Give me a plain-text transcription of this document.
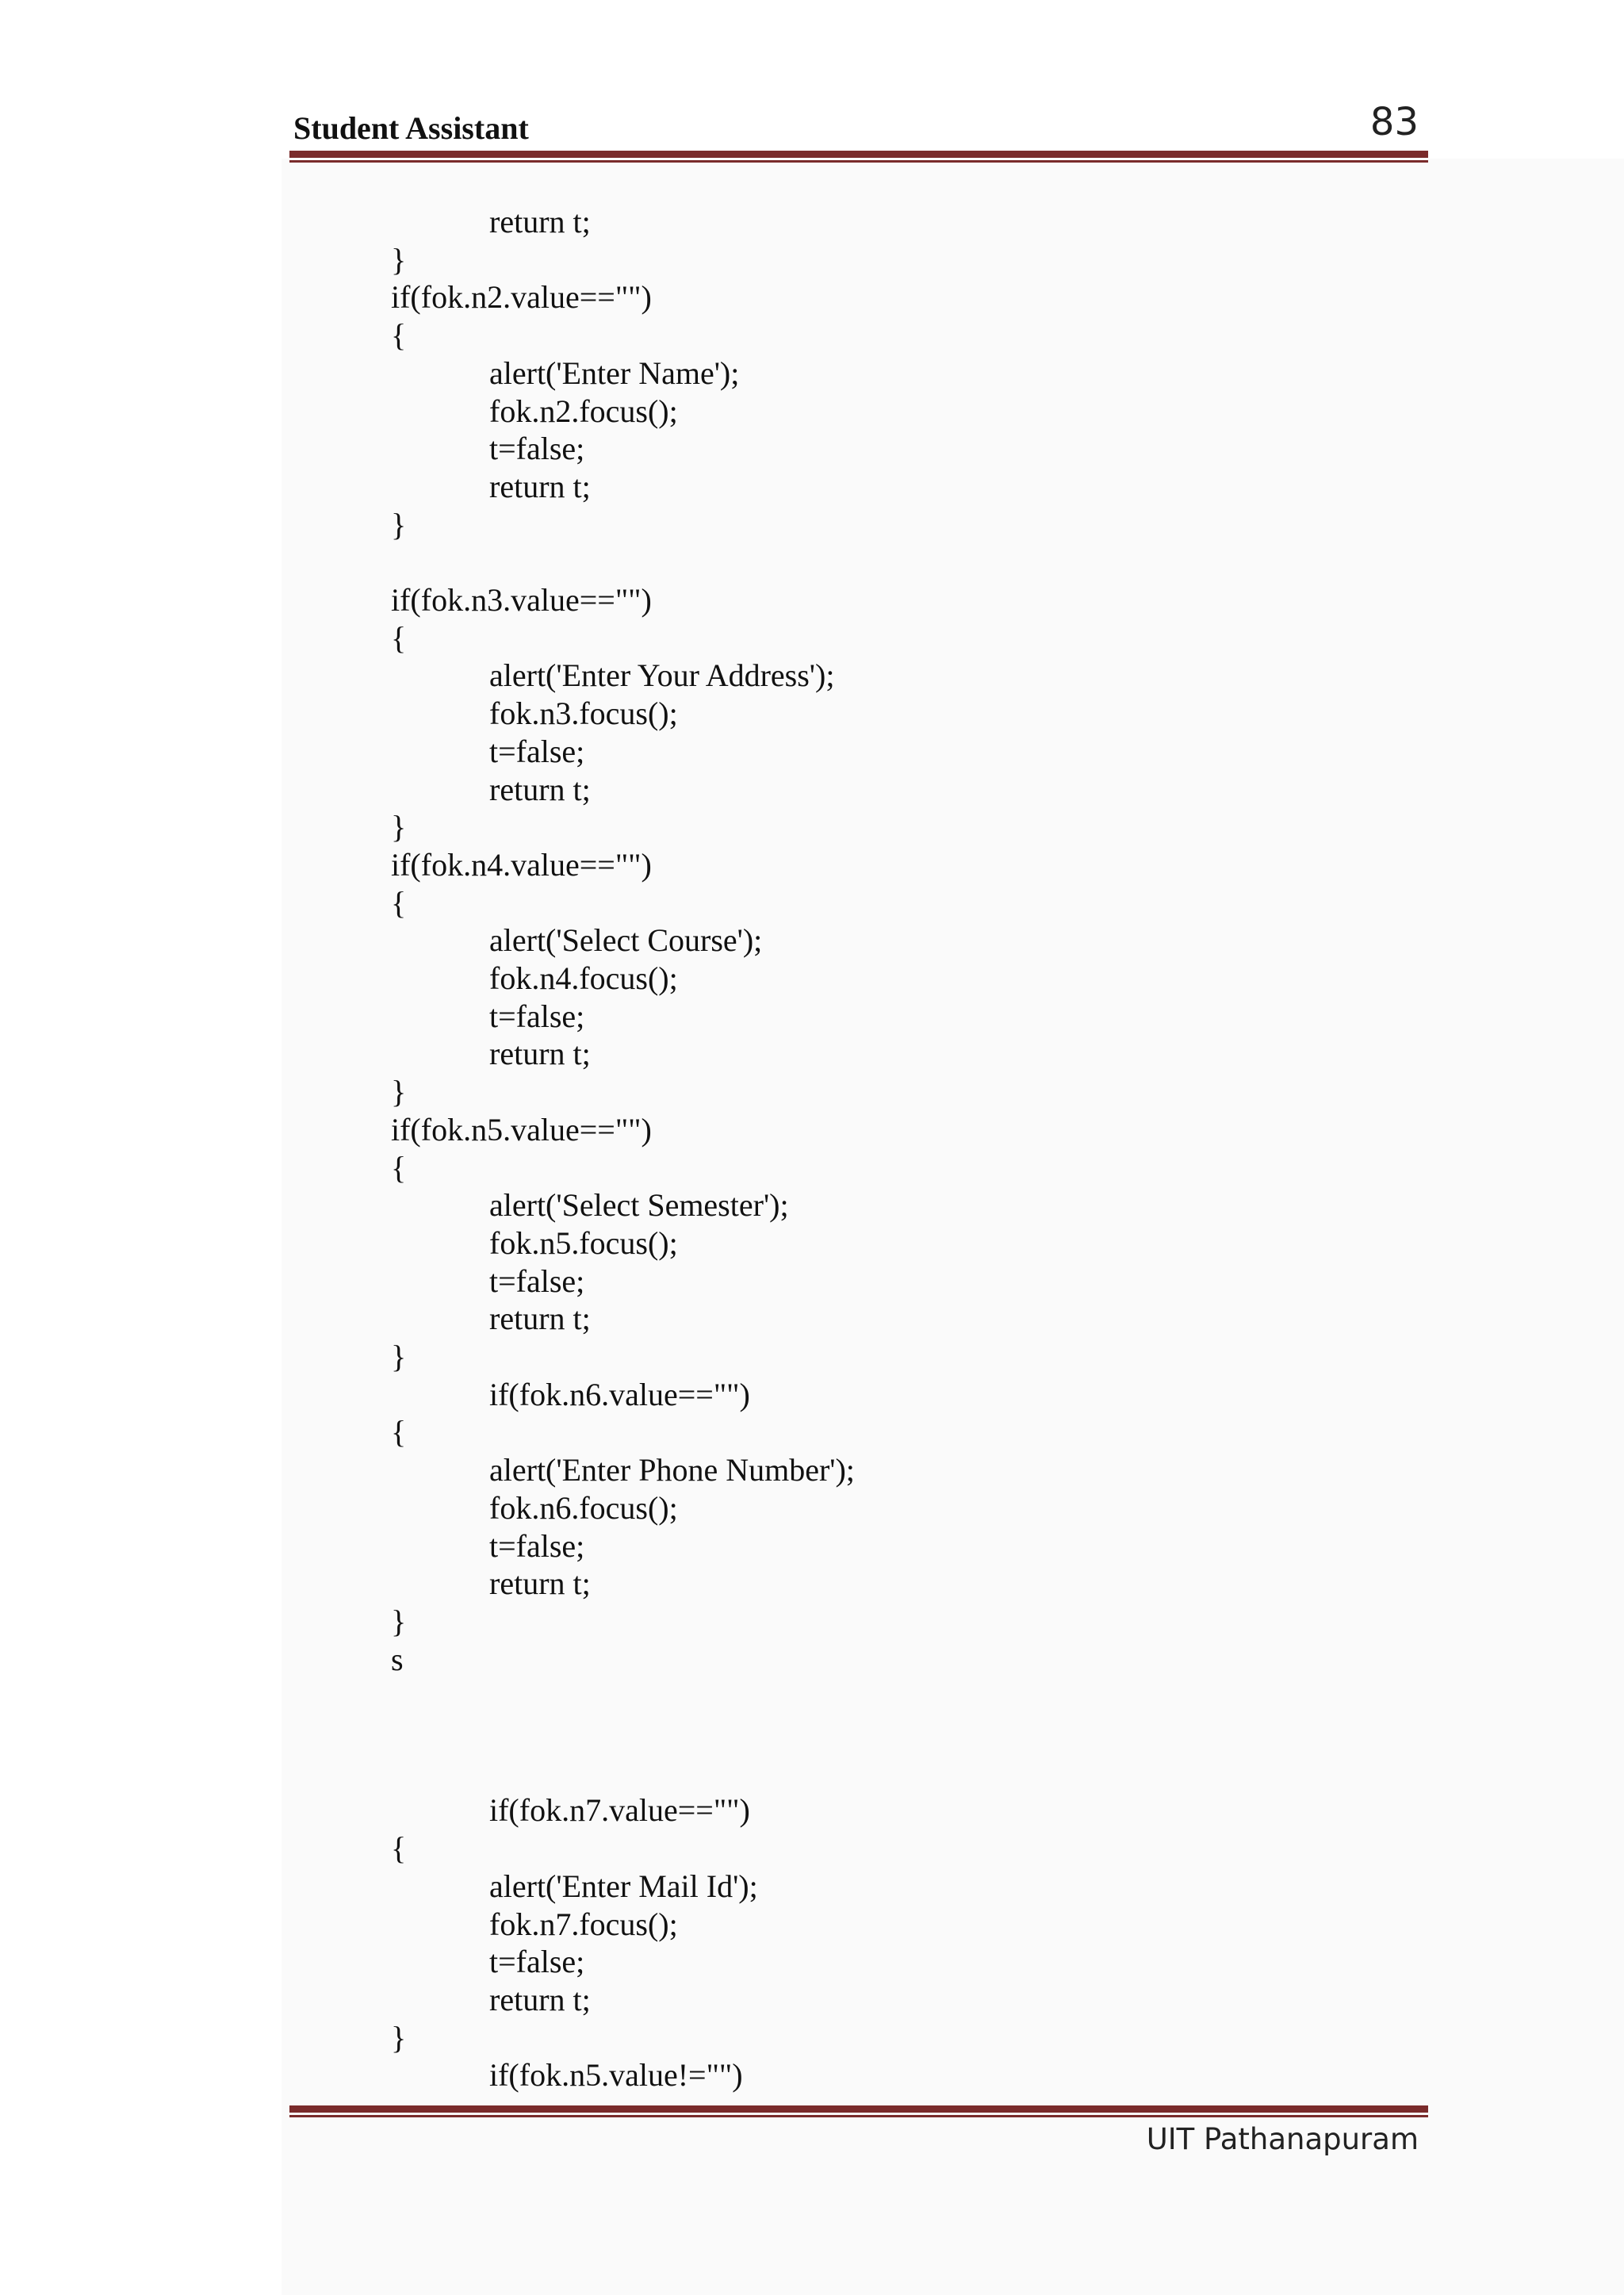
Student Assistant	83
return t;
}
if(fok.n2.value=="")
{
alert('Enter Name');
fok.n2.focus();
t=false;
return t;
}
if(fok.n3.value=="")
{
alert('Enter Your Address');
fok.n3.focus();
t=false;
return t;
}
if(fok.n4.value=="")
{
alert('Select Course');
fok.n4.focus();
t=false;
return t;
}
if(fok.n5.value=="")
{
alert('Select Semester');
fok.n5.focus();
t=false;
return t;
}
if(fok.n6.value=="")
{
alert('Enter Phone Number');
fok.n6.focus();
t=false;
return t;
}
s
if(fok.n7.value=="")
{
alert('Enter Mail Id');
fok.n7.focus();
t=false;
return t;
}
if(fok.n5.value!="")
UIT Pathanapuram
